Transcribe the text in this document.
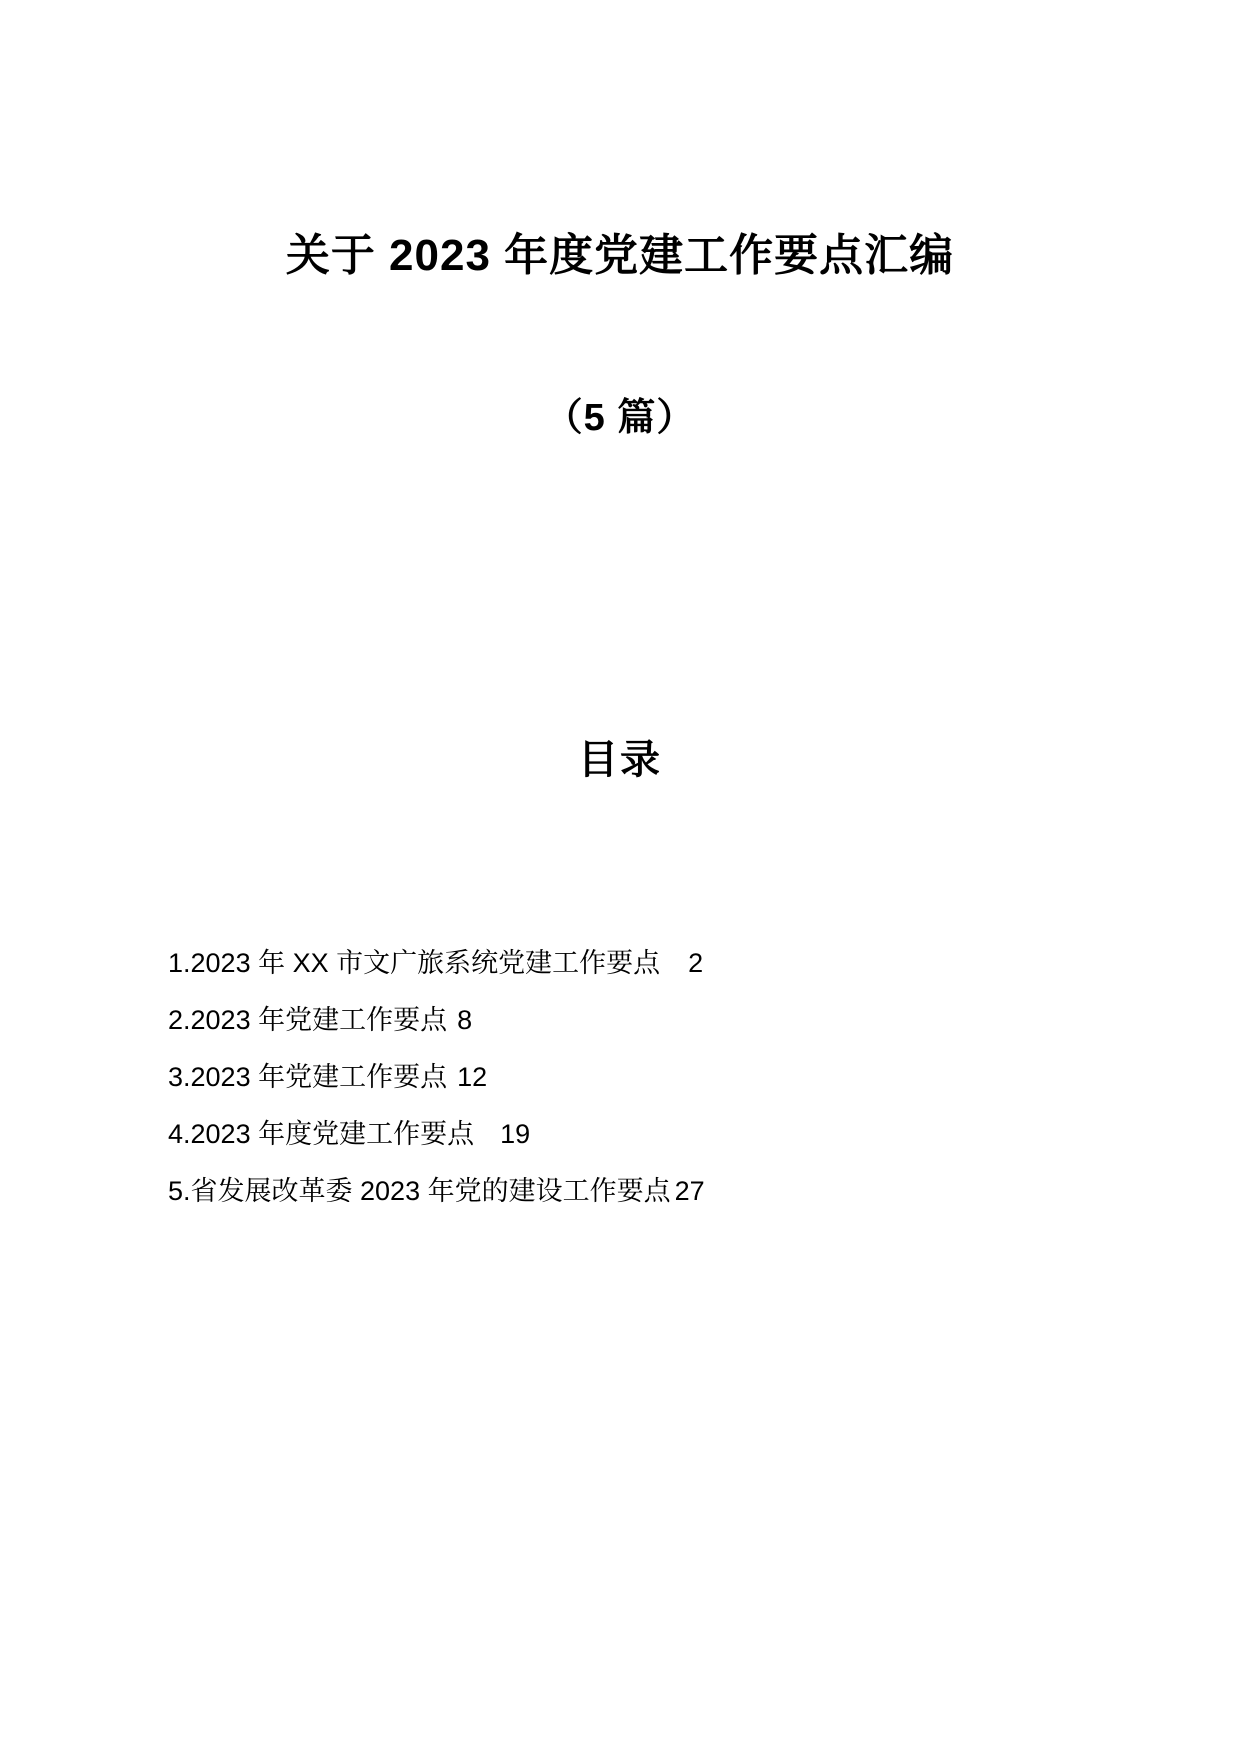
关于 2023 年度党建工作要点汇编
（5 篇）
目录
1.2023 年 XX 市文广旅系统党建工作要点 2
2.2023 年党建工作要点 8
3.2023 年党建工作要点 12
4.2023 年度党建工作要点 19
5.省发展改革委 2023 年党的建设工作要点 27
